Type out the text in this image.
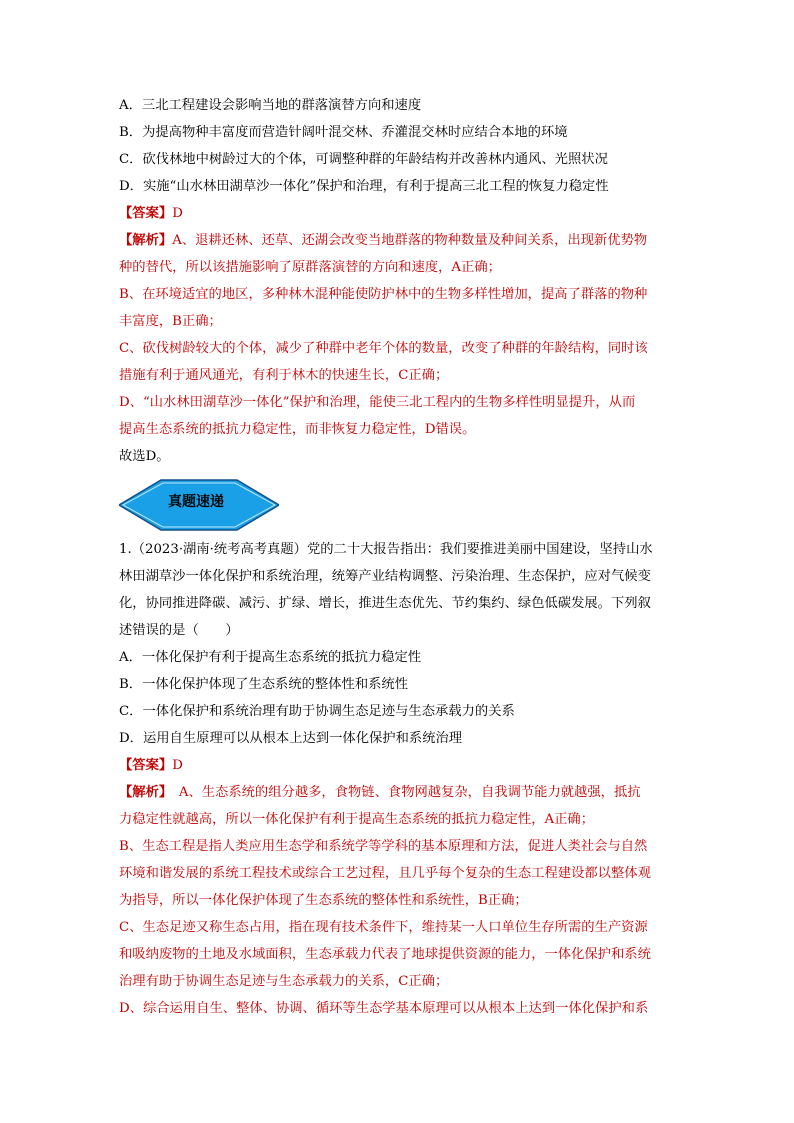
A．三北工程建设会影响当地的群落演替方向和速度
B．为提高物种丰富度而营造针阔叶混交林、乔灌混交林时应结合本地的环境
C．砍伐林地中树龄过大的个体，可调整种群的年龄结构并改善林内通风、光照状况
D．实施“山水林田湖草沙一体化”保护和治理，有利于提高三北工程的恢复力稳定性
【答案】D
【解析】A、退耕还林、还草、还湖会改变当地群落的物种数量及种间关系，出现新优势物
种的替代，所以该措施影响了原群落演替的方向和速度，A正确；
B、在环境适宜的地区，多种林木混种能使防护林中的生物多样性增加，提高了群落的物种
丰富度，B正确；
C、砍伐树龄较大的个体，减少了种群中老年个体的数量，改变了种群的年龄结构，同时该
措施有利于通风通光，有利于林木的快速生长，C正确；
D、“山水林田湖草沙一体化”保护和治理，能使三北工程内的生物多样性明显提升，从而
提高生态系统的抵抗力稳定性，而非恢复力稳定性，D错误。
故选D。
真题速递
1.（2023·湖南·统考高考真题）党的二十大报告指出：我们要推进美丽中国建设，坚持山水
林田湖草沙一体化保护和系统治理，统筹产业结构调整、污染治理、生态保护，应对气候变
化，协同推进降碳、减污、扩绿、增长，推进生态优先、节约集约、绿色低碳发展。下列叙
述错误的是（　　）
A．一体化保护有利于提高生态系统的抵抗力稳定性
B．一体化保护体现了生态系统的整体性和系统性
C．一体化保护和系统治理有助于协调生态足迹与生态承载力的关系
D．运用自生原理可以从根本上达到一体化保护和系统治理
【答案】D
【解析】　A、生态系统的组分越多，食物链、食物网越复杂，自我调节能力就越强，抵抗
力稳定性就越高，所以一体化保护有利于提高生态系统的抵抗力稳定性，A正确；
B、生态工程是指人类应用生态学和系统学等学科的基本原理和方法，促进人类社会与自然
环境和谐发展的系统工程技术或综合工艺过程，且几乎每个复杂的生态工程建设都以整体观
为指导，所以一体化保护体现了生态系统的整体性和系统性，B正确；
C、生态足迹又称生态占用，指在现有技术条件下，维持某一人口单位生存所需的生产资源
和吸纳废物的土地及水域面积，生态承载力代表了地球提供资源的能力，一体化保护和系统
治理有助于协调生态足迹与生态承载力的关系，C正确；
D、综合运用自生、整体、协调、循环等生态学基本原理可以从根本上达到一体化保护和系
